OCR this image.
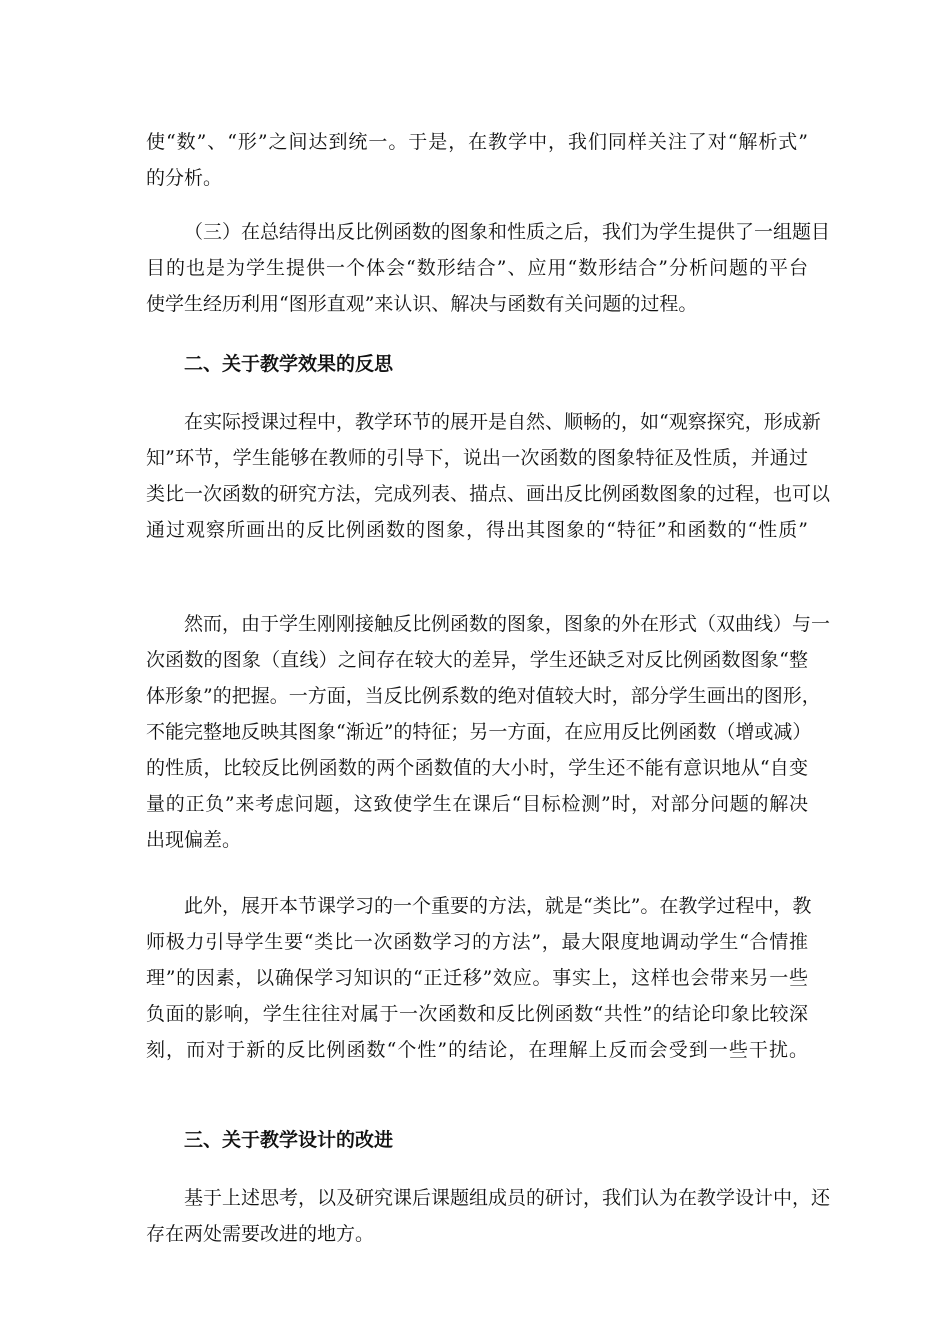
使“数”、“形”之间达到统一。于是，在教学中，我们同样关注了对“解析式”
的分析。
（三）在总结得出反比例函数的图象和性质之后，我们为学生提供了一组题目
目的也是为学生提供一个体会“数形结合”、应用“数形结合”分析问题的平台
使学生经历利用“图形直观”来认识、解决与函数有关问题的过程。
二、关于教学效果的反思
在实际授课过程中，教学环节的展开是自然、顺畅的，如“观察探究，形成新
知”环节，学生能够在教师的引导下，说出一次函数的图象特征及性质，并通过
类比一次函数的研究方法，完成列表、描点、画出反比例函数图象的过程，也可以
通过观察所画出的反比例函数的图象，得出其图象的“特征”和函数的“性质”
然而，由于学生刚刚接触反比例函数的图象，图象的外在形式（双曲线）与一
次函数的图象（直线）之间存在较大的差异，学生还缺乏对反比例函数图象“整
体形象”的把握。一方面，当反比例系数的绝对值较大时，部分学生画出的图形，
不能完整地反映其图象“渐近”的特征；另一方面，在应用反比例函数（增或减）
的性质，比较反比例函数的两个函数值的大小时，学生还不能有意识地从“自变
量的正负”来考虑问题，这致使学生在课后“目标检测”时，对部分问题的解决
出现偏差。
此外，展开本节课学习的一个重要的方法，就是“类比”。在教学过程中，教
师极力引导学生要“类比一次函数学习的方法”，最大限度地调动学生“合情推
理”的因素，以确保学习知识的“正迁移”效应。事实上，这样也会带来另一些
负面的影响，学生往往对属于一次函数和反比例函数“共性”的结论印象比较深
刻，而对于新的反比例函数“个性”的结论，在理解上反而会受到一些干扰。
三、关于教学设计的改进
基于上述思考，以及研究课后课题组成员的研讨，我们认为在教学设计中，还
存在两处需要改进的地方。
